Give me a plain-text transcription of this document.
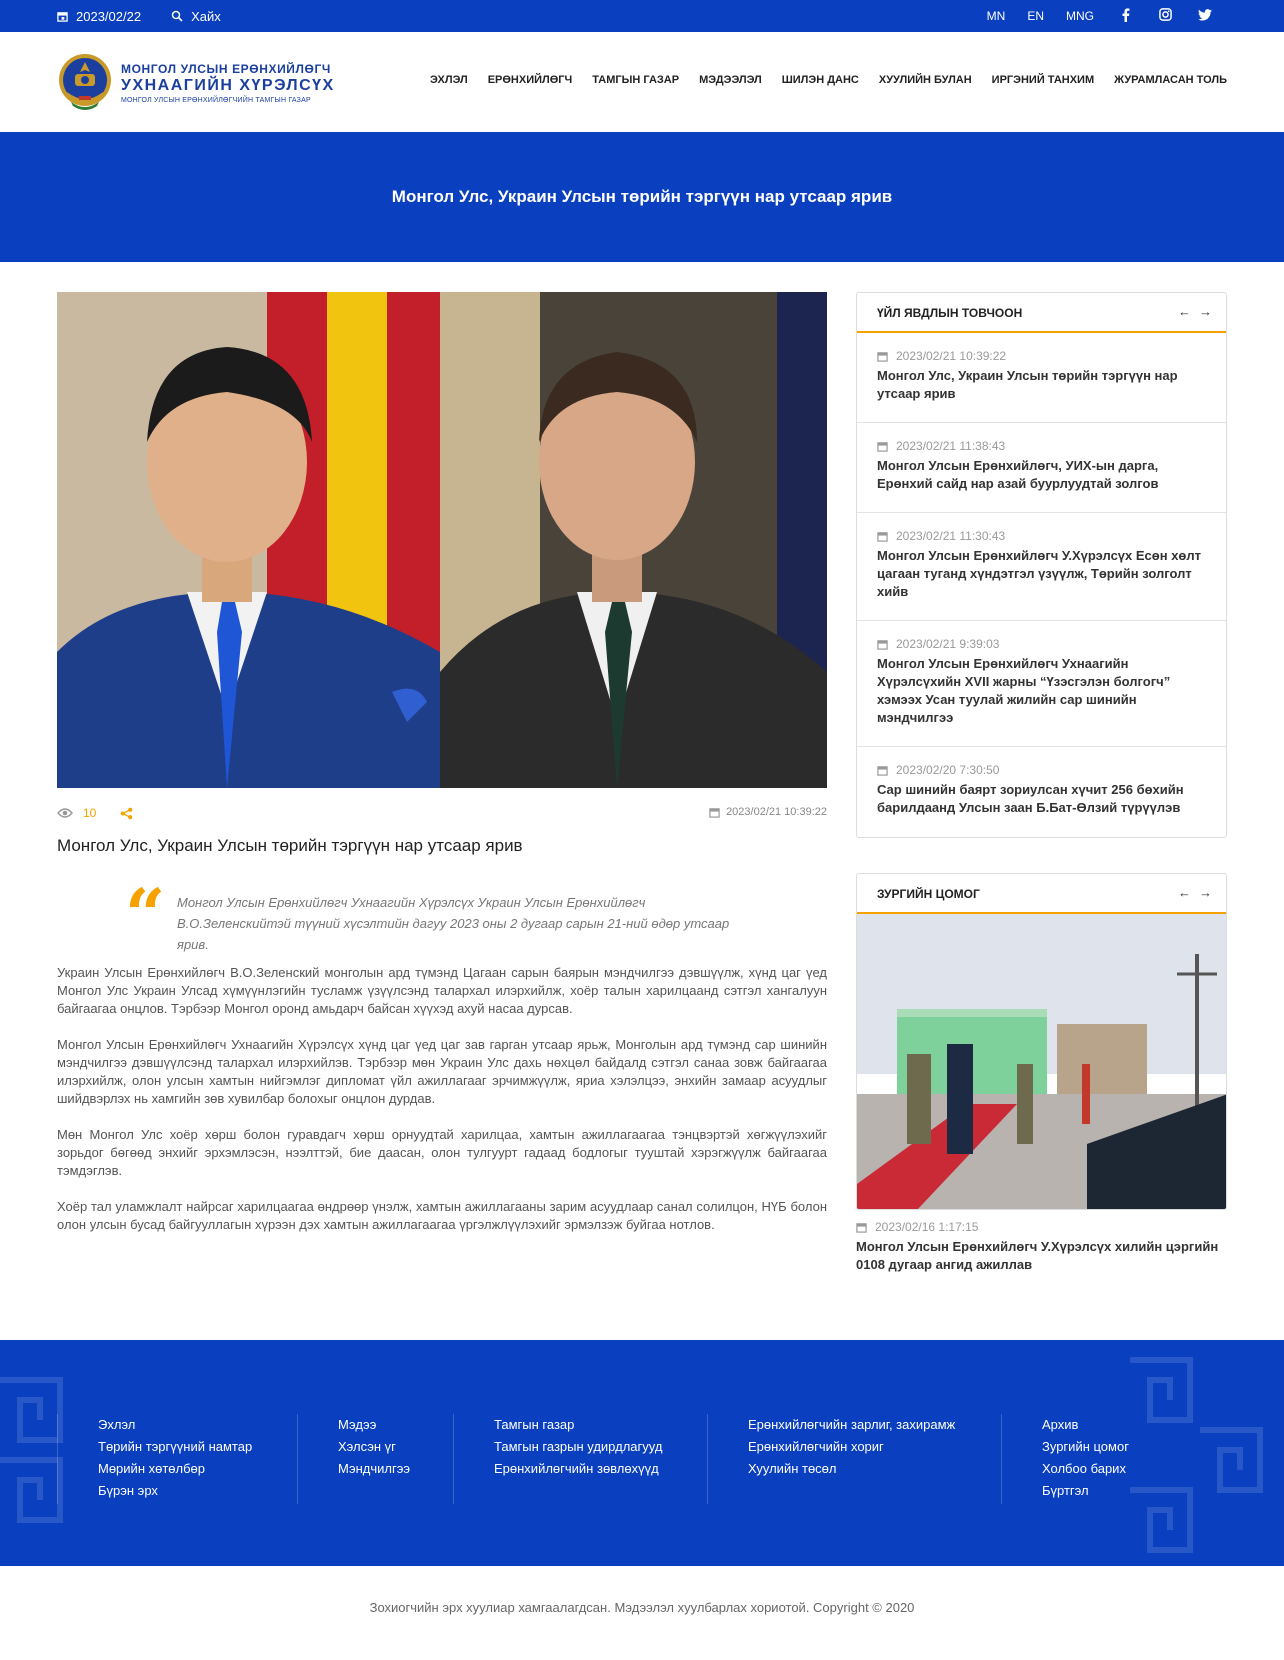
2023/02/22	Хайх	MN EN MNG
МОНГОЛ УЛСЫН ЕРӨНХИЙЛӨГЧ
УХНААГИЙН ХҮРЭЛСҮХ
МОНГОЛ УЛСЫН ЕРӨНХИЙЛӨГЧИЙН ТАМГЫН ГАЗАР
ЭХЛЭЛ ЕРӨНХИЙЛӨГЧ ТАМГЫН ГАЗАР МЭДЭЭЛЭЛ ШИЛЭН ДАНС ХУУЛИЙН БУЛАН ИРГЭНИЙ ТАНХИМ ЖУРАМЛАСАН ТОЛЬ
Монгол Улс, Украин Улсын төрийн тэргүүн нар утсаар ярив
10	2023/02/21 10:39:22
Монгол Улс, Украин Улсын төрийн тэргүүн нар утсаар ярив
“ Монгол Улсын Ерөнхийлөгч Ухнаагийн Хүрэлсүх Украин Улсын Ерөнхийлөгч В.О.Зеленскийтэй түүний хүсэлтийн дагуу 2023 оны 2 дугаар сарын 21-ний өдөр утсаар ярив.

Украин Улсын Ерөнхийлөгч В.О.Зеленский монголын ард түмэнд Цагаан сарын баярын мэндчилгээ дэвшүүлж, хүнд цаг үед Монгол Улс Украин Улсад хүмүүнлэгийн тусламж үзүүлсэнд талархал илэрхийлж, хоёр талын харилцаанд сэтгэл хангалуун байгаагаа онцлов. Тэрбээр Монгол оронд амьдарч байсан хүүхэд ахуй насаа дурсав.

Монгол Улсын Ерөнхийлөгч Ухнаагийн Хүрэлсүх хүнд цаг үед цаг зав гарган утсаар ярьж, Монголын ард түмэнд сар шинийн мэндчилгээ дэвшүүлсэнд талархал илэрхийлэв. Тэрбээр мөн Украин Улс дахь нөхцөл байдалд сэтгэл санаа зовж байгаагаа илэрхийлж, олон улсын хамтын нийгэмлэг дипломат үйл ажиллагааг эрчимжүүлж, яриа хэлэлцээ, энхийн замаар асуудлыг шийдвэрлэх нь хамгийн зөв хувилбар болохыг онцлон дурдав.

Мөн Монгол Улс хоёр хөрш болон гуравдагч хөрш орнуудтай харилцаа, хамтын ажиллагаагаа тэнцвэртэй хөгжүүлэхийг зорьдог бөгөөд энхийг эрхэмлэсэн, нээлттэй, бие даасан, олон тулгуурт гадаад бодлогыг тууштай хэрэгжүүлж байгаагаа тэмдэглэв.

Хоёр тал уламжлалт найрсаг харилцаагаа өндрөөр үнэлж, хамтын ажиллагааны зарим асуудлаар санал солилцон, НҮБ болон олон улсын бусад байгууллагын хүрээн дэх хамтын ажиллагаагаа үргэлжлүүлэхийг эрмэлзэж буйгаа нотлов.

ҮЙЛ ЯВДЛЫН ТОВЧООН	← →
2023/02/21 10:39:22
Монгол Улс, Украин Улсын төрийн тэргүүн нар утсаар ярив
2023/02/21 11:38:43
Монгол Улсын Ерөнхийлөгч, УИХ-ын дарга, Ерөнхий сайд нар азай буурлуудтай золгов
2023/02/21 11:30:43
Монгол Улсын Ерөнхийлөгч У.Хүрэлсүх Есөн хөлт цагаан туганд хүндэтгэл үзүүлж, Төрийн золголт хийв
2023/02/21 9:39:03
Монгол Улсын Ерөнхийлөгч Ухнаагийн Хүрэлсүхийн XVII жарны “Үзэсгэлэн болгогч” хэмээх Усан туулай жилийн сар шинийн мэндчилгээ
2023/02/20 7:30:50
Сар шинийн баярт зориулсан хүчит 256 бөхийн барилдаанд Улсын заан Б.Бат-Өлзий түрүүлэв
ЗУРГИЙН ЦОМОГ	← →
2023/02/16 1:17:15
Монгол Улсын Ерөнхийлөгч У.Хүрэлсүх хилийн цэргийн 0108 дугаар ангид ажиллав
Эхлэл
Төрийн тэргүүний намтар
Мөрийн хөтөлбөр
Бүрэн эрх
Мэдээ
Хэлсэн үг
Мэндчилгээ
Тамгын газар
Тамгын газрын удирдлагууд
Ерөнхийлөгчийн зөвлөхүүд
Ерөнхийлөгчийн зарлиг, захирамж
Ерөнхийлөгчийн хориг
Хуулийн төсөл
Архив
Зургийн цомог
Холбоо барих
Бүртгэл
Зохиогчийн эрх хуулиар хамгаалагдсан. Мэдээлэл хуулбарлах хориотой. Copyright © 2020
